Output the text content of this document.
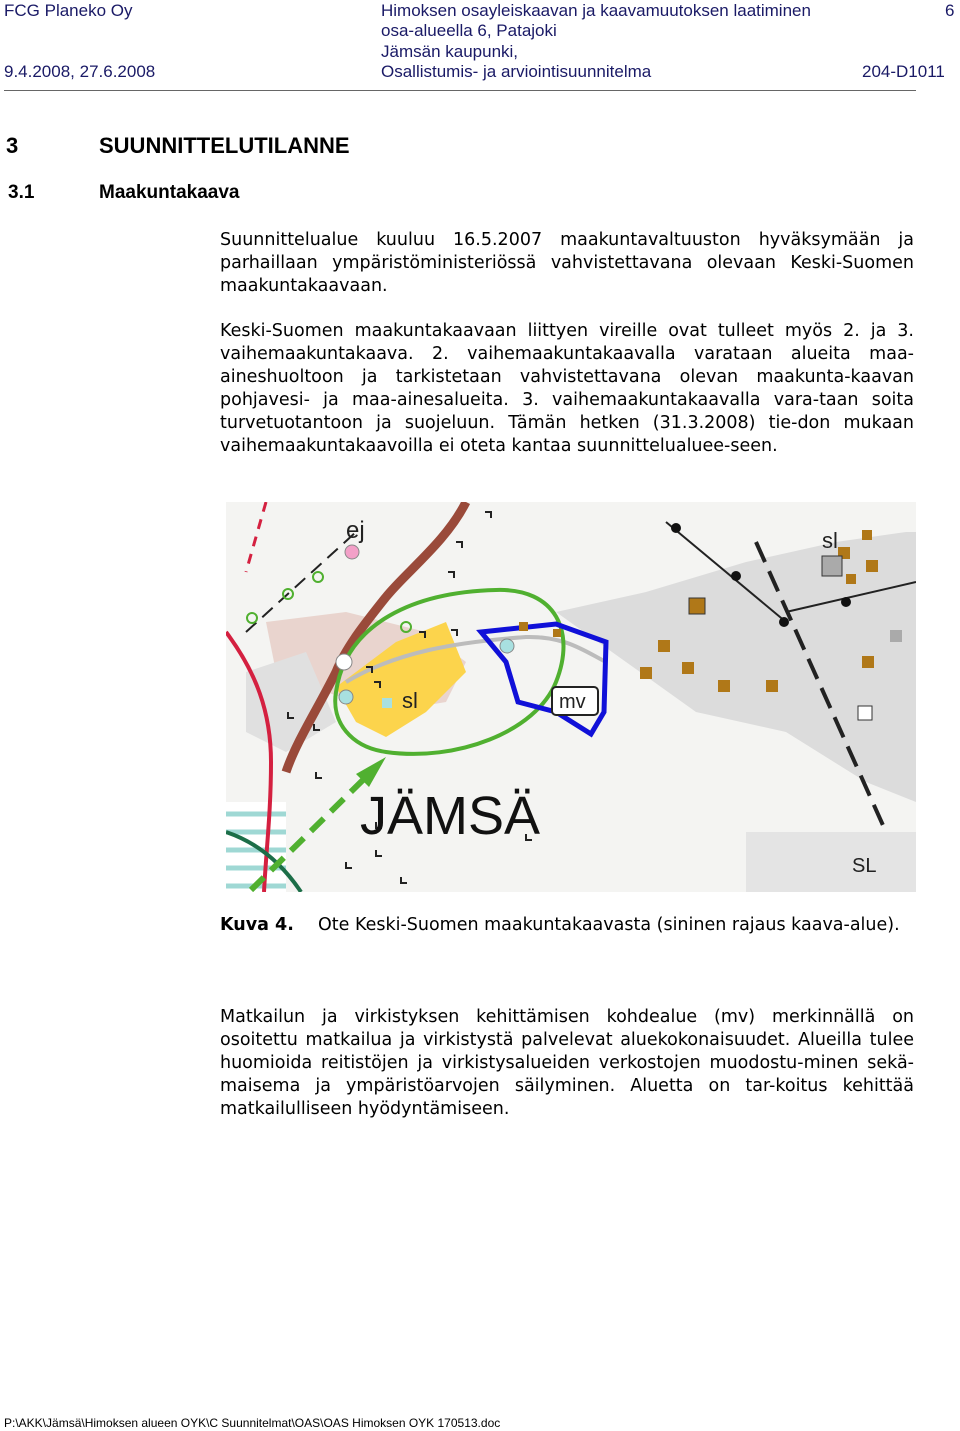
FCG Planeko Oy
9.4.2008, 27.6.2008
Himoksen osayleiskaavan ja kaavamuutoksen laatiminen
osa-alueella 6, Patajoki
Jämsän kaupunki,
Osallistumis- ja arviointisuunnitelma
6
204-D1011
3	SUUNNITTELUTILANNE
3.1	Maakuntakaava

Suunnittelualue kuuluu 16.5.2007 maakuntavaltuuston hyväksymään ja parhaillaan ympäristöministeriössä vahvistettavana olevaan Keski-Suomen maakuntakaavaan.

Keski-Suomen maakuntakaavaan liittyen vireille ovat tulleet myös 2. ja 3. vaihemaakuntakaava. 2. vaihemaakuntakaavalla varataan alueita maa-aineshuoltoon ja tarkistetaan vahvistettavana olevan maakunta-kaavan pohjavesi- ja maa-ainesalueita. 3. vaihemaakuntakaavalla vara-taan soita turvetuotantoon ja suojeluun. Tämän hetken (31.3.2008) tie-don mukaan vaihemaakuntakaavoilla ei oteta kantaa suunnittelualuee-seen.

ej	sl
sl	mv
JÄMSÄ
SL
Kuva 4. Ote Keski-Suomen maakuntakaavasta (sininen rajaus kaava-alue).

Matkailun ja virkistyksen kehittämisen kohdealue (mv) merkinnällä on osoitettu matkailua ja virkistystä palvelevat aluekokonaisuudet. Alueilla tulee huomioida reitistöjen ja virkistysalueiden verkostojen muodostu-minen sekä- maisema ja ympäristöarvojen säilyminen. Aluetta on tar-koitus kehittää matkailulliseen hyödyntämiseen.

P:\AKK\Jämsä\Himoksen alueen OYK\C Suunnitelmat\OAS\OAS Himoksen OYK 170513.doc
